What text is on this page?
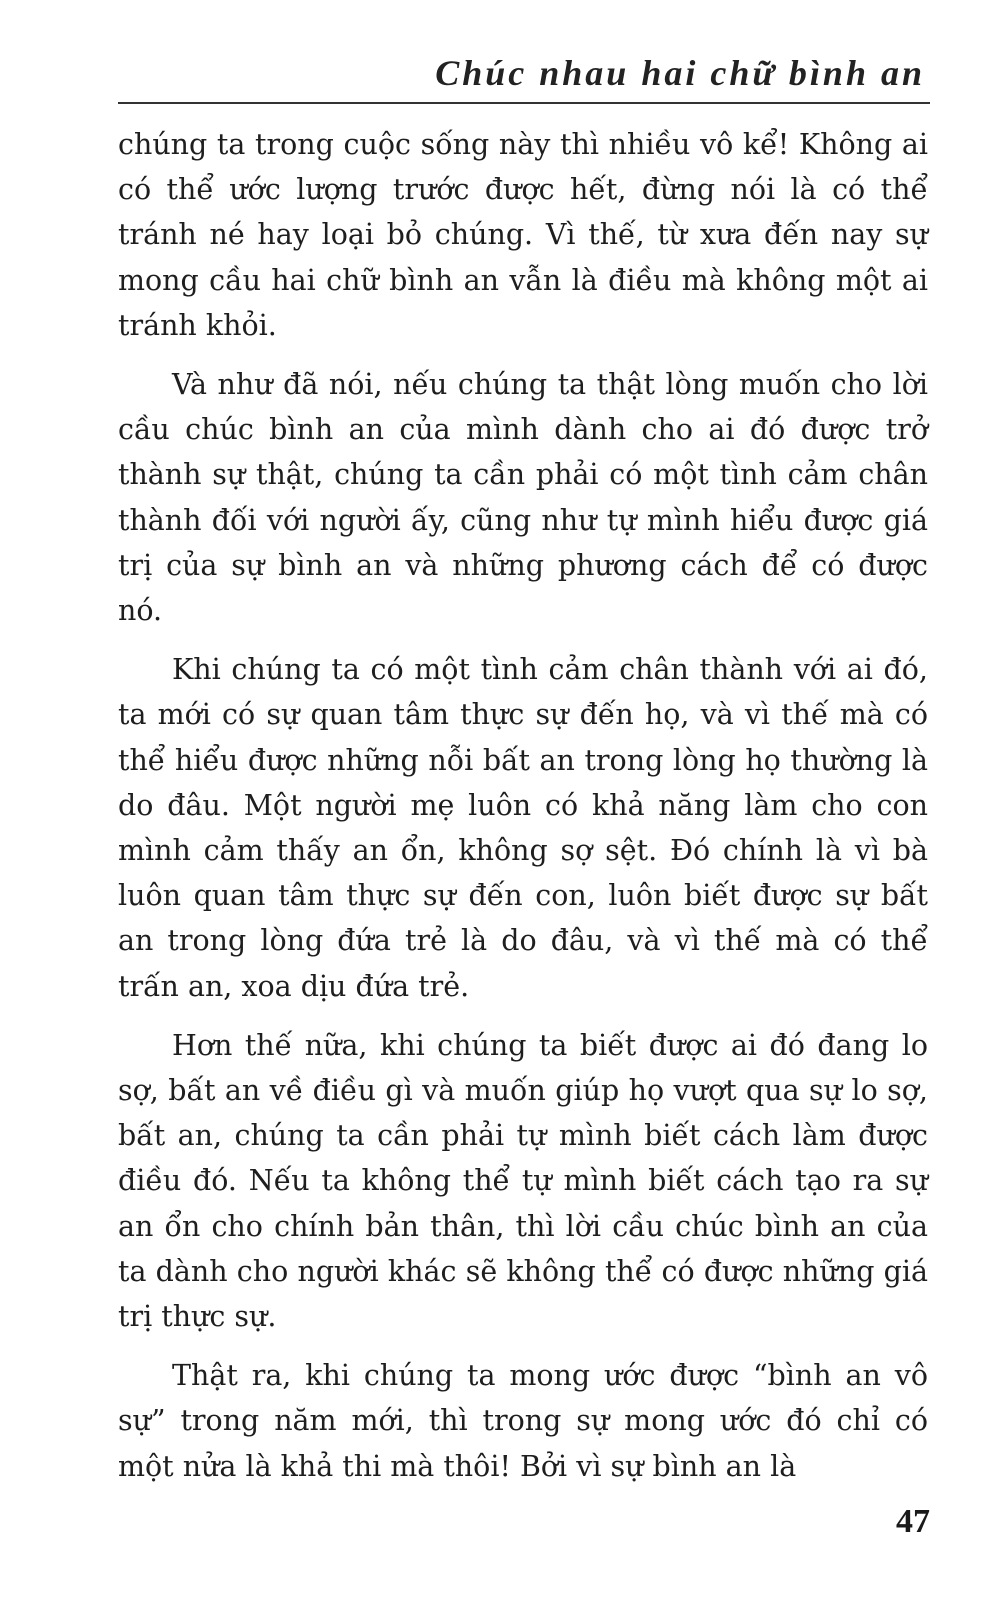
Chúc nhau hai chữ bình an

chúng ta trong cuộc sống này thì nhiều vô kể! Không ai có thể ước lượng trước được hết, đừng nói là có thể tránh né hay loại bỏ chúng. Vì thế, từ xưa đến nay sự mong cầu hai chữ bình an vẫn là điều mà không một ai tránh khỏi.

Và như đã nói, nếu chúng ta thật lòng muốn cho lời cầu chúc bình an của mình dành cho ai đó được trở thành sự thật, chúng ta cần phải có một tình cảm chân thành đối với người ấy, cũng như tự mình hiểu được giá trị của sự bình an và những phương cách để có được nó.

Khi chúng ta có một tình cảm chân thành với ai đó, ta mới có sự quan tâm thực sự đến họ, và vì thế mà có thể hiểu được những nỗi bất an trong lòng họ thường là do đâu. Một người mẹ luôn có khả năng làm cho con mình cảm thấy an ổn, không sợ sệt. Đó chính là vì bà luôn quan tâm thực sự đến con, luôn biết được sự bất an trong lòng đứa trẻ là do đâu, và vì thế mà có thể trấn an, xoa dịu đứa trẻ.

Hơn thế nữa, khi chúng ta biết được ai đó đang lo sợ, bất an về điều gì và muốn giúp họ vượt qua sự lo sợ, bất an, chúng ta cần phải tự mình biết cách làm được điều đó. Nếu ta không thể tự mình biết cách tạo ra sự an ổn cho chính bản thân, thì lời cầu chúc bình an của ta dành cho người khác sẽ không thể có được những giá trị thực sự.

Thật ra, khi chúng ta mong ước được “bình an vô sự” trong năm mới, thì trong sự mong ước đó chỉ có một nửa là khả thi mà thôi! Bởi vì sự bình an là

47
